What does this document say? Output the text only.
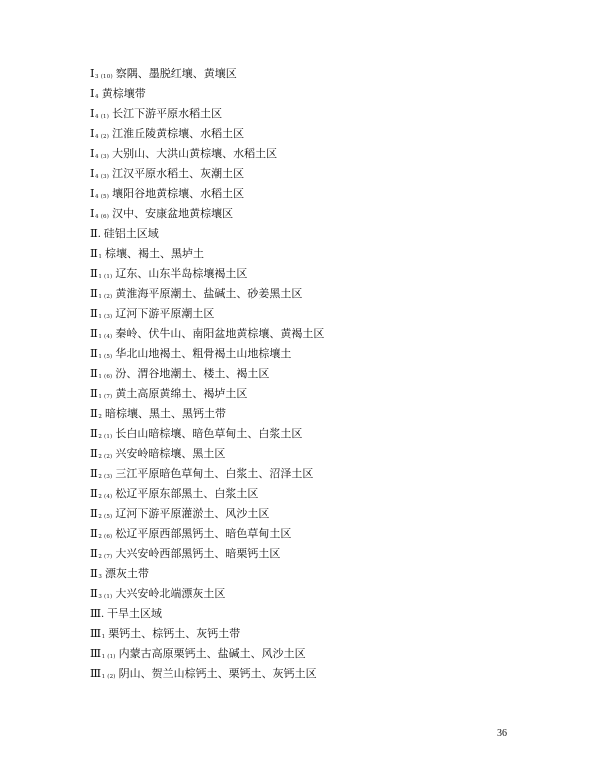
Ⅰ3 (10) 察隅、墨脱红壤、黄壤区
Ⅰ4 黄棕壤带
Ⅰ4 (1) 长江下游平原水稻土区
Ⅰ4 (2) 江淮丘陵黄棕壤、水稻土区
Ⅰ4 (3) 大别山、大洪山黄棕壤、水稻土区
Ⅰ4 (3) 江汉平原水稻土、灰潮土区
Ⅰ4 (5) 壤阳谷地黄棕壤、水稻土区
Ⅰ4 (6) 汉中、安康盆地黄棕壤区
Ⅱ. 硅铝土区域
Ⅱ1 棕壤、褐土、黑垆土
Ⅱ1 (1) 辽东、山东半岛棕壤褐土区
Ⅱ1 (2) 黄淮海平原潮土、盐碱土、砂姜黑土区
Ⅱ1 (3) 辽河下游平原潮土区
Ⅱ1 (4) 秦岭、伏牛山、南阳盆地黄棕壤、黄褐土区
Ⅱ1 (5) 华北山地褐土、粗骨褐土山地棕壤土
Ⅱ1 (6) 汾、渭谷地潮土、楼土、褐土区
Ⅱ1 (7) 黄土高原黄绵土、褐垆土区
Ⅱ2 暗棕壤、黑土、黑钙土带
Ⅱ2 (1) 长白山暗棕壤、暗色草甸土、白浆土区
Ⅱ2 (2) 兴安岭暗棕壤、黑土区
Ⅱ2 (3) 三江平原暗色草甸土、白浆土、沼泽土区
Ⅱ2 (4) 松辽平原东部黑土、白浆土区
Ⅱ2 (5) 辽河下游平原灌淤土、风沙土区
Ⅱ2 (6) 松辽平原西部黑钙土、暗色草甸土区
Ⅱ2 (7) 大兴安岭西部黑钙土、暗栗钙土区
Ⅱ3 漂灰土带
Ⅱ3 (1) 大兴安岭北端漂灰土区
Ⅲ. 干旱土区域
Ⅲ1 栗钙土、棕钙土、灰钙土带
Ⅲ1 (1) 内蒙古高原栗钙土、盐碱土、风沙土区
Ⅲ1 (2) 阴山、贺兰山棕钙土、栗钙土、灰钙土区
36
